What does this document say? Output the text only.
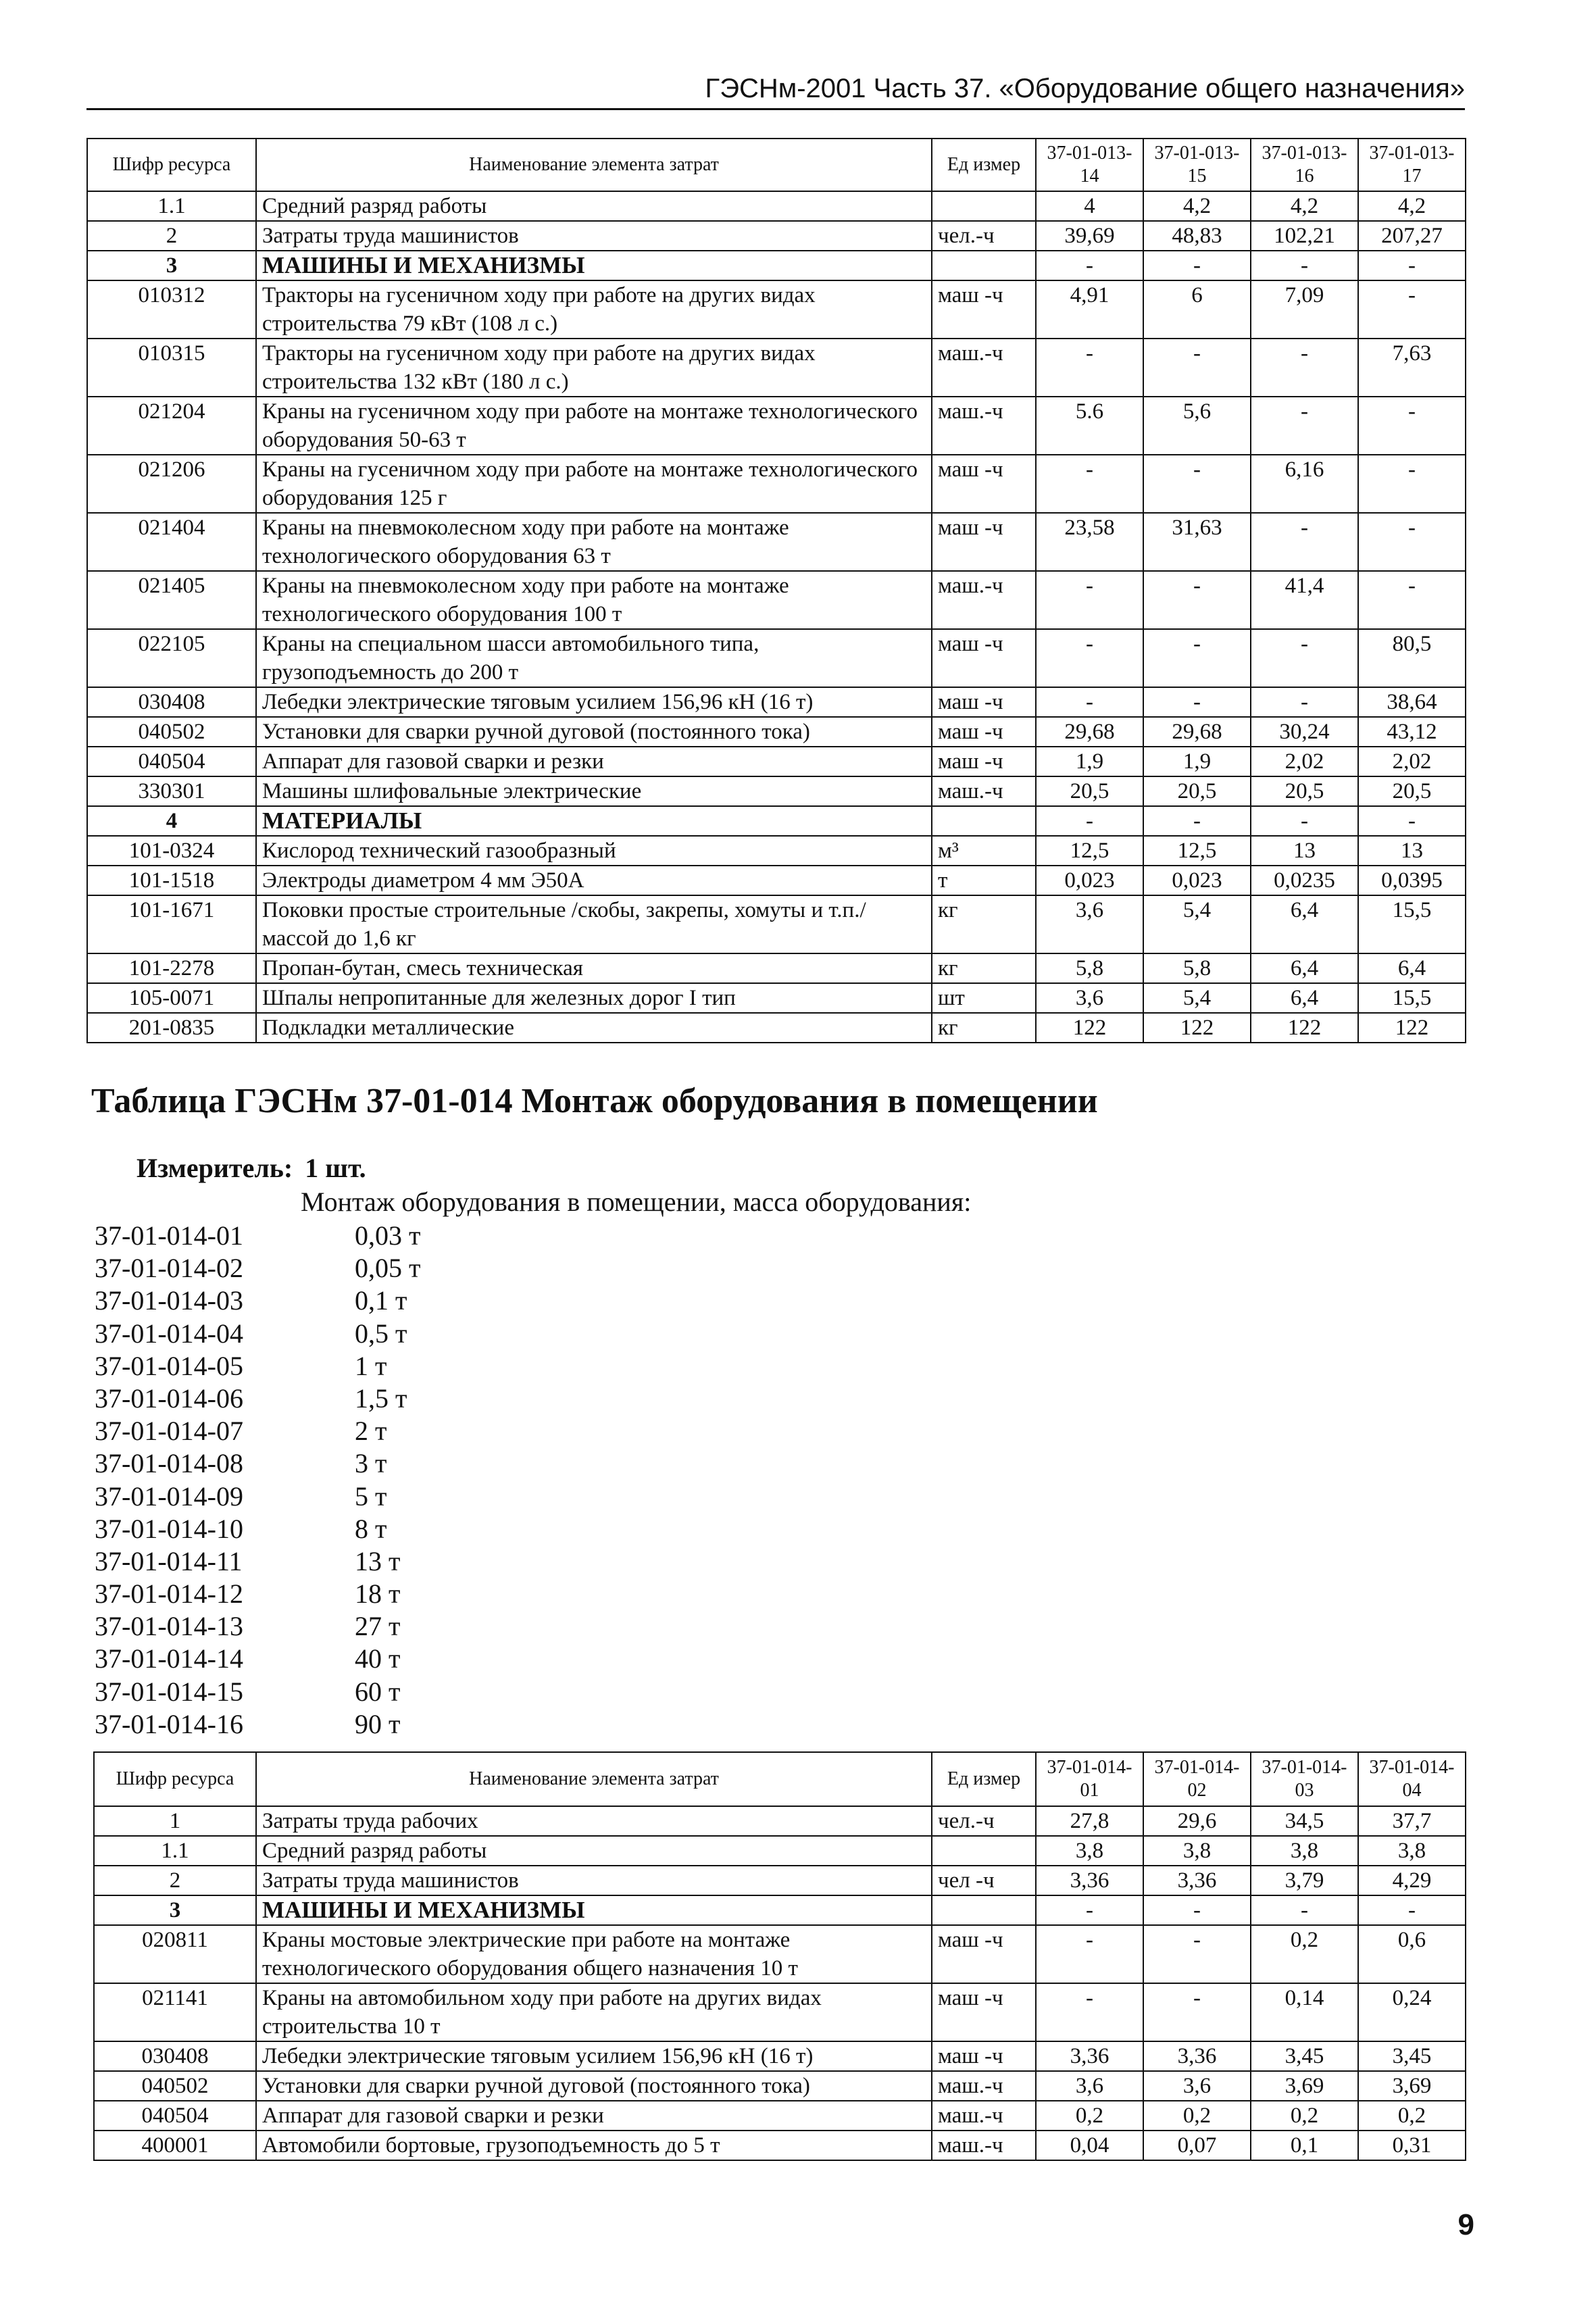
ГЭСНм-2001 Часть 37. «Оборудование общего назначения»
Шифр ресурса	Наименование элемента затрат	Ед измер	37-01-013-14	37-01-013-15	37-01-013-16	37-01-013-17
1.1	Средний разряд работы		4	4,2	4,2	4,2
2	Затраты труда машинистов	чел.-ч	39,69	48,83	102,21	207,27
3	МАШИНЫ И МЕХАНИЗМЫ		-	-	-	-
010312	Тракторы на гусеничном ходу при работе на других видах строительства 79 кВт (108 л с.)	маш -ч	4,91	6	7,09	-
010315	Тракторы на гусеничном ходу при работе на других видах строительства 132 кВт (180 л с.)	маш.-ч	-	-	-	7,63
021204	Краны на гусеничном ходу при работе на монтаже технологического оборудования 50-63 т	маш.-ч	5.6	5,6	-	-
021206	Краны на гусеничном ходу при работе на монтаже технологического оборудования 125 г	маш -ч	-	-	6,16	-
021404	Краны на пневмоколесном ходу при работе на монтаже технологического оборудования 63 т	маш -ч	23,58	31,63	-	-
021405	Краны на пневмоколесном ходу при работе на монтаже технологического оборудования 100 т	маш.-ч	-	-	41,4	-
022105	Краны на специальном шасси автомобильного типа, грузоподъемность до 200 т	маш -ч	-	-	-	80,5
030408	Лебедки электрические тяговым усилием 156,96 кН (16 т)	маш -ч	-	-	-	38,64
040502	Установки для сварки ручной дуговой (постоянного тока)	маш -ч	29,68	29,68	30,24	43,12
040504	Аппарат для газовой сварки и резки	маш -ч	1,9	1,9	2,02	2,02
330301	Машины шлифовальные электрические	маш.-ч	20,5	20,5	20,5	20,5
4	МАТЕРИАЛЫ		-	-	-	-
101-0324	Кислород технический газообразный	м³	12,5	12,5	13	13
101-1518	Электроды диаметром 4 мм Э50А	т	0,023	0,023	0,0235	0,0395
101-1671	Поковки простые строительные /скобы, закрепы, хомуты и т.п./ массой до 1,6 кг	кг	3,6	5,4	6,4	15,5
101-2278	Пропан-бутан, смесь техническая	кг	5,8	5,8	6,4	6,4
105-0071	Шпалы непропитанные для железных дорог I тип	шт	3,6	5,4	6,4	15,5
201-0835	Подкладки металлические	кг	122	122	122	122
Таблица ГЭСНм 37-01-014 Монтаж оборудования в помещении
Измеритель: 1 шт.
Монтаж оборудования в помещении, масса оборудования:
37-01-014-01	0,03 т
37-01-014-02	0,05 т
37-01-014-03	0,1 т
37-01-014-04	0,5 т
37-01-014-05	1 т
37-01-014-06	1,5 т
37-01-014-07	2 т
37-01-014-08	3 т
37-01-014-09	5 т
37-01-014-10	8 т
37-01-014-11	13 т
37-01-014-12	18 т
37-01-014-13	27 т
37-01-014-14	40 т
37-01-014-15	60 т
37-01-014-16	90 т
Шифр ресурса	Наименование элемента затрат	Ед измер	37-01-014-01	37-01-014-02	37-01-014-03	37-01-014-04
1	Затраты труда рабочих	чел.-ч	27,8	29,6	34,5	37,7
1.1	Средний разряд работы		3,8	3,8	3,8	3,8
2	Затраты труда машинистов	чел -ч	3,36	3,36	3,79	4,29
3	МАШИНЫ И МЕХАНИЗМЫ		-	-	-	-
020811	Краны мостовые электрические при работе на монтаже технологического оборудования общего назначения 10 т	маш -ч	-	-	0,2	0,6
021141	Краны на автомобильном ходу при работе на других видах строительства 10 т	маш -ч	-	-	0,14	0,24
030408	Лебедки электрические тяговым усилием 156,96 кН (16 т)	маш -ч	3,36	3,36	3,45	3,45
040502	Установки для сварки ручной дуговой (постоянного тока)	маш.-ч	3,6	3,6	3,69	3,69
040504	Аппарат для газовой сварки и резки	маш.-ч	0,2	0,2	0,2	0,2
400001	Автомобили бортовые, грузоподъемность до 5 т	маш.-ч	0,04	0,07	0,1	0,31
9
